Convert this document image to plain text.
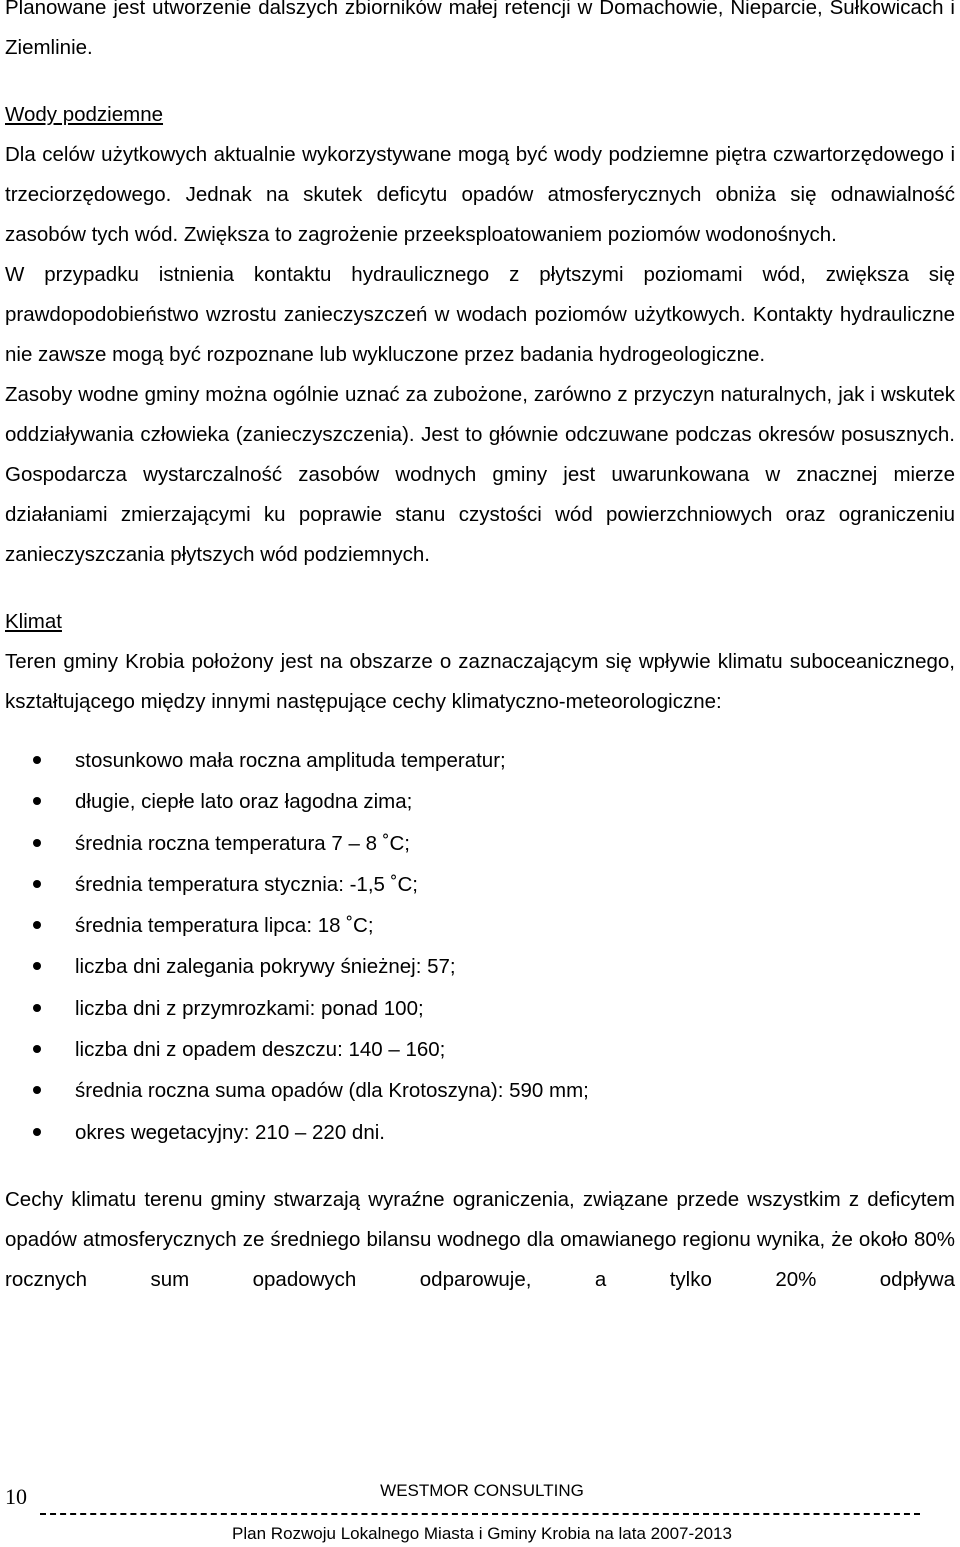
Planowane jest utworzenie dalszych zbiorników małej retencji w Domachowie, Nieparcie, Sułkowicach i Ziemlinie.

Wody podziemne

Dla celów użytkowych aktualnie wykorzystywane mogą być wody podziemne piętra czwartorzędowego i trzeciorzędowego. Jednak na skutek deficytu opadów atmosferycznych obniża się odnawialność zasobów tych wód. Zwiększa to zagrożenie przeeksploatowaniem poziomów wodonośnych.

W przypadku istnienia kontaktu hydraulicznego z płytszymi poziomami wód, zwiększa się prawdopodobieństwo wzrostu zanieczyszczeń w wodach poziomów użytkowych. Kontakty hydrauliczne nie zawsze mogą być rozpoznane lub wykluczone przez badania hydrogeologiczne.

Zasoby wodne gminy można ogólnie uznać za zubożone, zarówno z przyczyn naturalnych, jak i wskutek oddziaływania człowieka (zanieczyszczenia). Jest to głównie odczuwane podczas okresów posusznych. Gospodarcza wystarczalność zasobów wodnych gminy jest uwarunkowana w znacznej mierze działaniami zmierzającymi ku poprawie stanu czystości wód powierzchniowych oraz ograniczeniu zanieczyszczania płytszych wód podziemnych.

Klimat

Teren gminy Krobia położony jest na obszarze o zaznaczającym się wpływie klimatu suboceanicznego, kształtującego między innymi następujące cechy klimatyczno-meteorologiczne:

stosunkowo mała roczna amplituda temperatur;
długie, ciepłe lato oraz łagodna zima;
średnia roczna temperatura 7 – 8 ˚C;
średnia temperatura stycznia: -1,5 ˚C;
średnia temperatura lipca: 18 ˚C;
liczba dni zalegania pokrywy śnieżnej: 57;
liczba dni z przymrozkami: ponad 100;
liczba dni z opadem deszczu: 140 – 160;
średnia roczna suma opadów (dla Krotoszyna): 590 mm;
okres wegetacyjny: 210 – 220 dni.

Cechy klimatu terenu gminy stwarzają wyraźne ograniczenia, związane przede wszystkim z deficytem opadów atmosferycznych ze średniego bilansu wodnego dla omawianego regionu wynika, że około 80% rocznych sum opadowych odparowuje, a tylko 20% odpływa

10	WESTMOR CONSULTING
Plan Rozwoju Lokalnego Miasta i Gminy Krobia na lata 2007-2013
